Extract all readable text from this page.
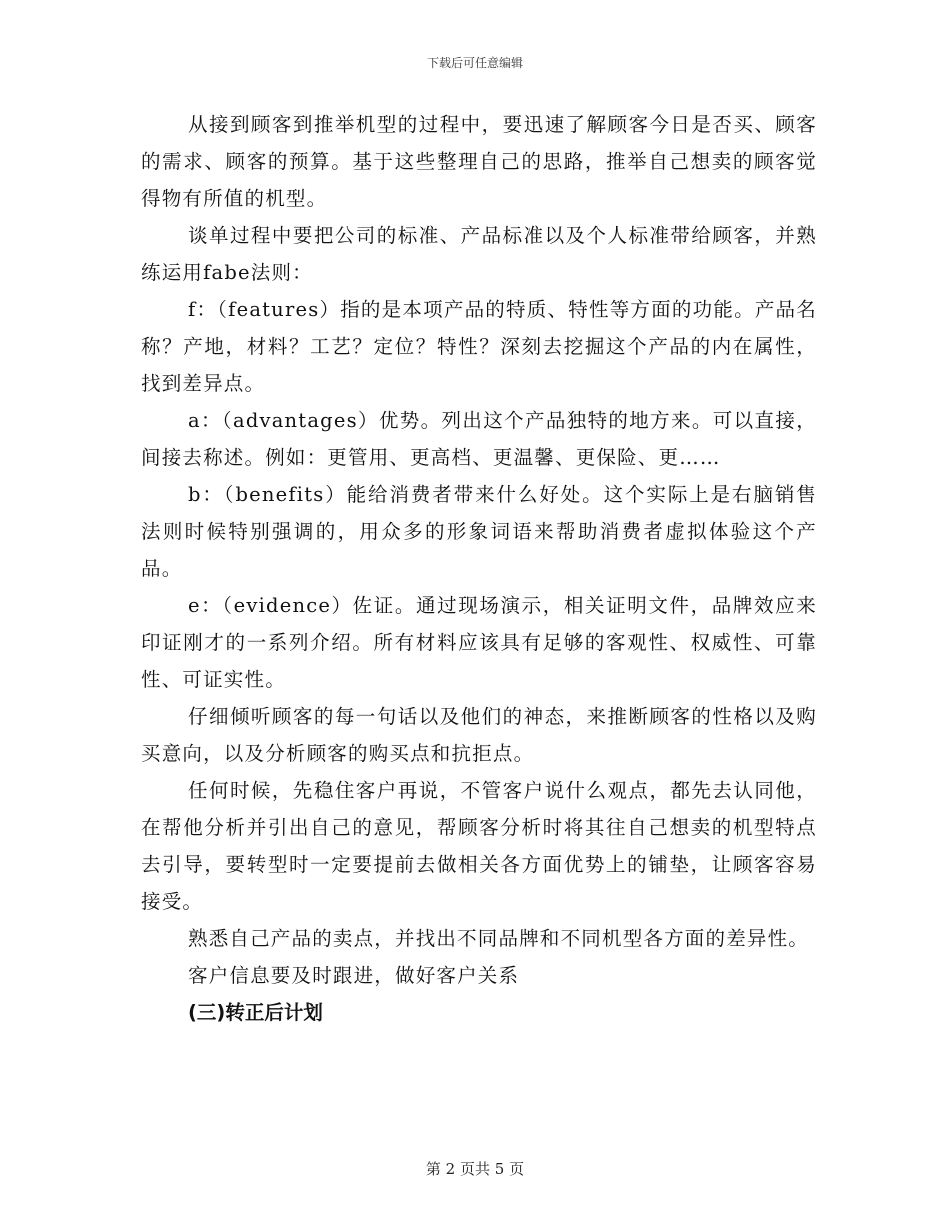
下载后可任意编辑

从接到顾客到推举机型的过程中，要迅速了解顾客今日是否买、顾客的需求、顾客的预算。基于这些整理自己的思路，推举自己想卖的顾客觉得物有所值的机型。

谈单过程中要把公司的标准、产品标准以及个人标准带给顾客，并熟练运用fabe法则：

f：（features）指的是本项产品的特质、特性等方面的功能。产品名称？产地，材料？工艺？定位？特性？深刻去挖掘这个产品的内在属性，找到差异点。

a：（advantages）优势。列出这个产品独特的地方来。可以直接，间接去称述。例如：更管用、更高档、更温馨、更保险、更……

b：（benefits）能给消费者带来什么好处。这个实际上是右脑销售法则时候特别强调的，用众多的形象词语来帮助消费者虚拟体验这个产品。

e：（evidence）佐证。通过现场演示，相关证明文件，品牌效应来印证刚才的一系列介绍。所有材料应该具有足够的客观性、权威性、可靠性、可证实性。

仔细倾听顾客的每一句话以及他们的神态，来推断顾客的性格以及购买意向，以及分析顾客的购买点和抗拒点。

任何时候，先稳住客户再说，不管客户说什么观点，都先去认同他，在帮他分析并引出自己的意见，帮顾客分析时将其往自己想卖的机型特点去引导，要转型时一定要提前去做相关各方面优势上的铺垫，让顾客容易接受。

熟悉自己产品的卖点，并找出不同品牌和不同机型各方面的差异性。

客户信息要及时跟进，做好客户关系

(三)转正后计划

第 2 页共 5 页
